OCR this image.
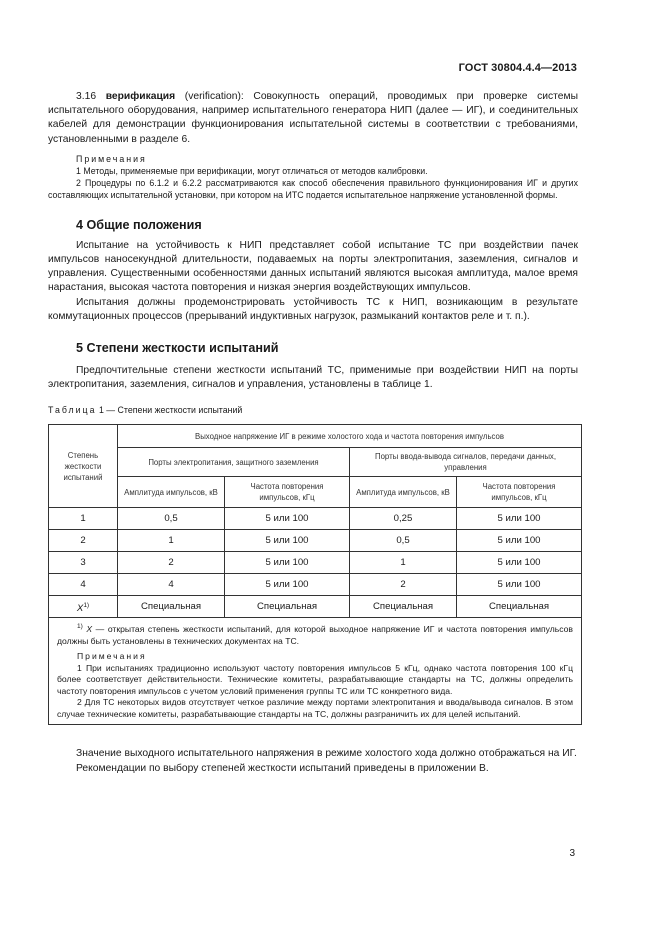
ГОСТ 30804.4.4—2013

3.16 верификация (verification): Совокупность операций, проводимых при проверке системы испытательного оборудования, например испытательного генератора НИП (далее — ИГ), и соединительных кабелей для демонстрации функционирования испытательной системы в соответствии с требованиями, установленными в разделе 6.

Примечания

1 Методы, применяемые при верификации, могут отличаться от методов калибровки.

2 Процедуры по 6.1.2 и 6.2.2 рассматриваются как способ обеспечения правильного функционирования ИГ и других составляющих испытательной установки, при котором на ИТС подается испытательное напряжение установленной формы.

4 Общие положения

Испытание на устойчивость к НИП представляет собой испытание ТС при воздействии пачек импульсов наносекундной длительности, подаваемых на порты электропитания, заземления, сигналов и управления. Существенными особенностями данных испытаний являются высокая амплитуда, малое время нарастания, высокая частота повторения и низкая энергия воздействующих импульсов.

Испытания должны продемонстрировать устойчивость ТС к НИП, возникающим в результате коммутационных процессов (прерываний индуктивных нагрузок, размыканий контактов реле и т. п.).

5 Степени жесткости испытаний

Предпочтительные степени жесткости испытаний ТС, применимые при воздействии НИП на порты электропитания, заземления, сигналов и управления, установлены в таблице 1.

Таблица 1 — Степени жесткости испытаний
Степень жесткости испытаний	Выходное напряжение ИГ в режиме холостого хода и частота повторения импульсов			
	Порты электропитания, защитного заземления		Порты ввода-вывода сигналов, передачи данных, управления	
	Амплитуда импульсов, кВ	Частота повторения импульсов, кГц	Амплитуда импульсов, кВ	Частота повторения импульсов, кГц
1	0,5	5 или 100	0,25	5 или 100
2	1	5 или 100	0,5	5 или 100
3	2	5 или 100	1	5 или 100
4	4	5 или 100	2	5 или 100
$X^{1)}$	Специальная	Специальная	Специальная	Специальная

$^{1)}$ X — открытая степень жесткости испытаний, для которой выходное напряжение ИГ и частота повторения импульсов должны быть установлены в технических документах на ТС.

Примечания

1 При испытаниях традиционно используют частоту повторения импульсов 5 кГц, однако частота повторения 100 кГц более соответствует действительности. Технические комитеты, разрабатывающие стандарты на ТС, должны определить частоту повторения импульсов с учетом условий применения группы ТС или ТС конкретного вида.

2 Для ТС некоторых видов отсутствует четкое различие между портами электропитания и ввода/вывода сигналов. В этом случае технические комитеты, разрабатывающие стандарты на ТС, должны разграничить их для целей испытаний.				

Значение выходного испытательного напряжения в режиме холостого хода должно отображаться на ИГ.

Рекомендации по выбору степеней жесткости испытаний приведены в приложении В.

3
